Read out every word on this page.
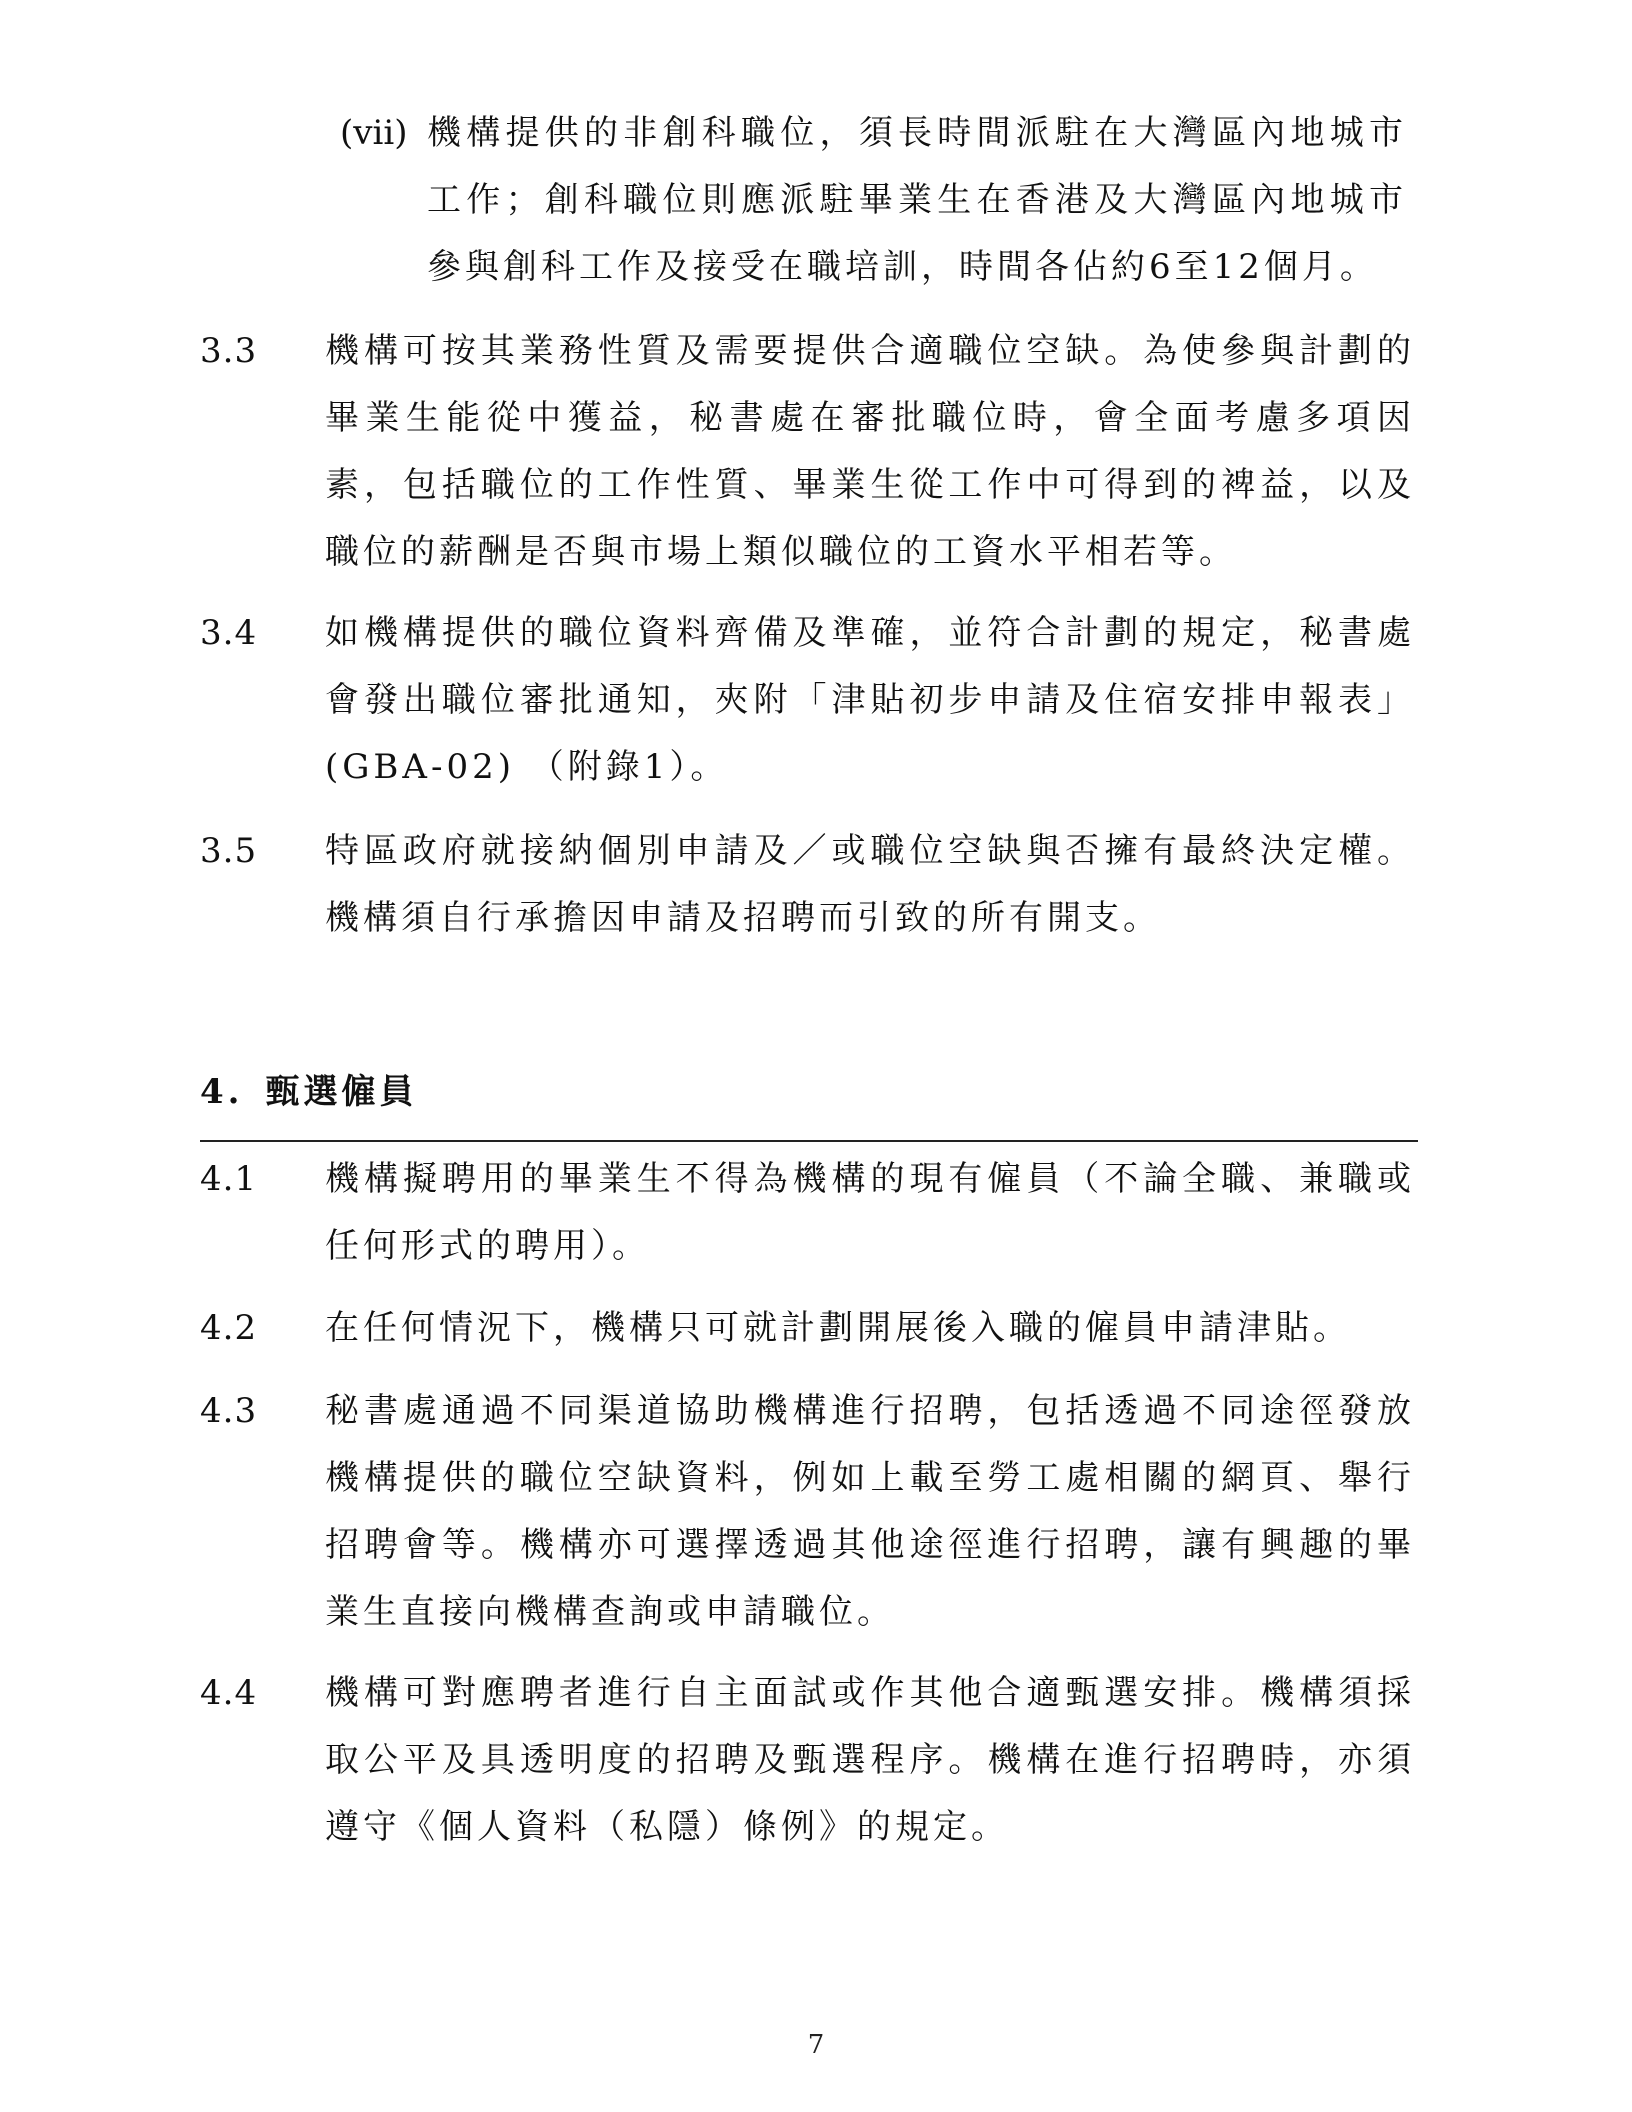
(vii) 機構提供的非創科職位，須長時間派駐在大灣區內地城市工作；創科職位則應派駐畢業生在香港及大灣區內地城市參與創科工作及接受在職培訓，時間各佔約6至12個月。
3.3	機構可按其業務性質及需要提供合適職位空缺。為使參與計劃的畢業生能從中獲益，秘書處在審批職位時，會全面考慮多項因素，包括職位的工作性質、畢業生從工作中可得到的裨益，以及職位的薪酬是否與市場上類似職位的工資水平相若等。
3.4	如機構提供的職位資料齊備及準確，並符合計劃的規定，秘書處會發出職位審批通知，夾附「津貼初步申請及住宿安排申報表」(GBA-02) （附錄1）。
3.5	特區政府就接納個別申請及／或職位空缺與否擁有最終決定權。機構須自行承擔因申請及招聘而引致的所有開支。
4. 甄選僱員
4.1	機構擬聘用的畢業生不得為機構的現有僱員（不論全職、兼職或任何形式的聘用）。
4.2	在任何情況下，機構只可就計劃開展後入職的僱員申請津貼。
4.3	秘書處通過不同渠道協助機構進行招聘，包括透過不同途徑發放機構提供的職位空缺資料，例如上載至勞工處相關的網頁、舉行招聘會等。機構亦可選擇透過其他途徑進行招聘，讓有興趣的畢業生直接向機構查詢或申請職位。
4.4	機構可對應聘者進行自主面試或作其他合適甄選安排。機構須採取公平及具透明度的招聘及甄選程序。機構在進行招聘時，亦須遵守《個人資料（私隱）條例》的規定。
7
